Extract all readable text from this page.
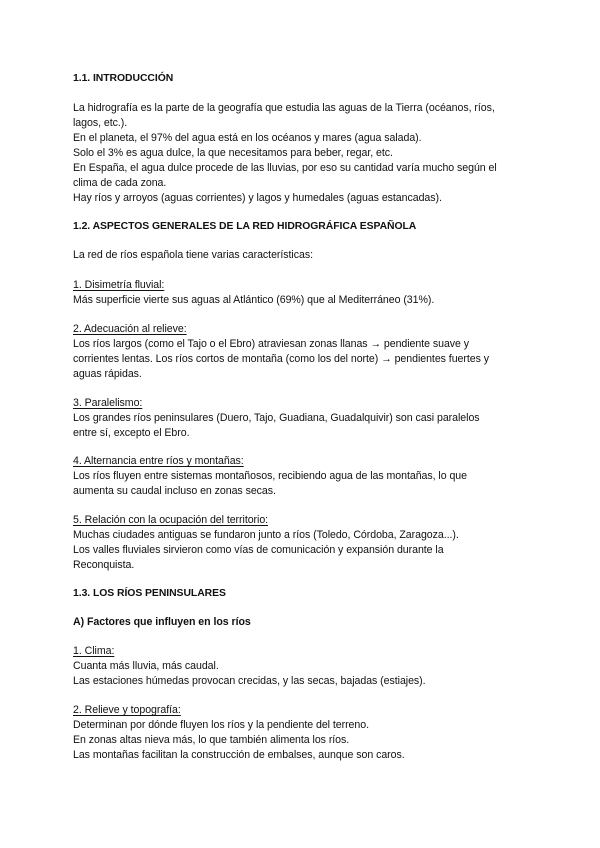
1.1. INTRODUCCIÓN
La hidrografía es la parte de la geografía que estudia las aguas de la Tierra (océanos, ríos,
lagos, etc.).
En el planeta, el 97% del agua está en los océanos y mares (agua salada).
Solo el 3% es agua dulce, la que necesitamos para beber, regar, etc.
En España, el agua dulce procede de las lluvias, por eso su cantidad varía mucho según el
clima de cada zona.
Hay ríos y arroyos (aguas corrientes) y lagos y humedales (aguas estancadas).
1.2. ASPECTOS GENERALES DE LA RED HIDROGRÁFICA ESPAÑOLA
La red de ríos española tiene varias características:
1. Disimetría fluvial:
Más superficie vierte sus aguas al Atlántico (69%) que al Mediterráneo (31%).
2. Adecuación al relieve:
Los ríos largos (como el Tajo o el Ebro) atraviesan zonas llanas → pendiente suave y
corrientes lentas. Los ríos cortos de montaña (como los del norte) → pendientes fuertes y
aguas rápidas.
3. Paralelismo:
Los grandes ríos peninsulares (Duero, Tajo, Guadiana, Guadalquivir) son casi paralelos
entre sí, excepto el Ebro.
4. Alternancia entre ríos y montañas:
Los ríos fluyen entre sistemas montañosos, recibiendo agua de las montañas, lo que
aumenta su caudal incluso en zonas secas.
5. Relación con la ocupación del territorio:
Muchas ciudades antiguas se fundaron junto a ríos (Toledo, Córdoba, Zaragoza...).
Los valles fluviales sirvieron como vías de comunicación y expansión durante la
Reconquista.
1.3. LOS RÍOS PENINSULARES
A) Factores que influyen en los ríos
1. Clima:
Cuanta más lluvia, más caudal.
Las estaciones húmedas provocan crecidas, y las secas, bajadas (estiajes).
2. Relieve y topografía:
Determinan por dónde fluyen los ríos y la pendiente del terreno.
En zonas altas nieva más, lo que también alimenta los ríos.
Las montañas facilitan la construcción de embalses, aunque son caros.
